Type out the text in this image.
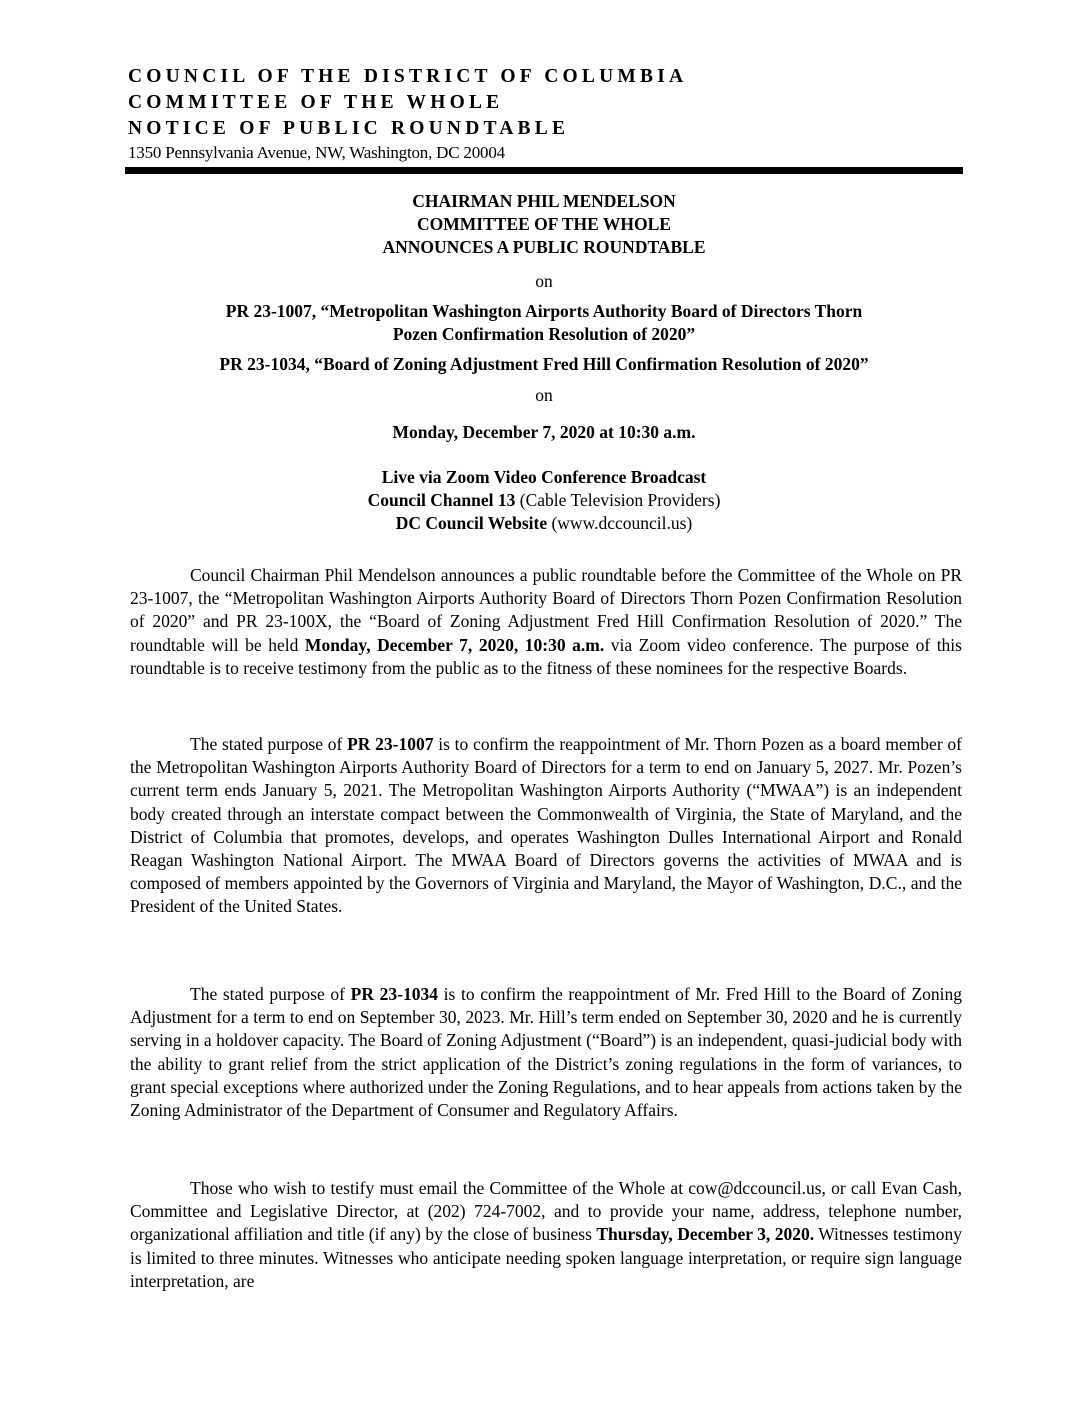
COUNCIL OF THE DISTRICT OF COLUMBIA
COMMITTEE OF THE WHOLE
NOTICE OF PUBLIC ROUNDTABLE
1350 Pennsylvania Avenue, NW, Washington, DC 20004
CHAIRMAN PHIL MENDELSON
COMMITTEE OF THE WHOLE
ANNOUNCES A PUBLIC ROUNDTABLE
on
PR 23-1007, “Metropolitan Washington Airports Authority Board of Directors Thorn
Pozen Confirmation Resolution of 2020”
PR 23-1034, “Board of Zoning Adjustment Fred Hill Confirmation Resolution of 2020”
on
Monday, December 7, 2020 at 10:30 a.m.
Live via Zoom Video Conference Broadcast
Council Channel 13 (Cable Television Providers)
DC Council Website (www.dccouncil.us)

Council Chairman Phil Mendelson announces a public roundtable before the Committee of the Whole on PR 23-1007, the “Metropolitan Washington Airports Authority Board of Directors Thorn Pozen Confirmation Resolution of 2020” and PR 23-100X, the “Board of Zoning Adjustment Fred Hill Confirmation Resolution of 2020.” The roundtable will be held Monday, December 7, 2020, 10:30 a.m. via Zoom video conference. The purpose of this roundtable is to receive testimony from the public as to the fitness of these nominees for the respective Boards.

The stated purpose of PR 23-1007 is to confirm the reappointment of Mr. Thorn Pozen as a board member of the Metropolitan Washington Airports Authority Board of Directors for a term to end on January 5, 2027. Mr. Pozen’s current term ends January 5, 2021. The Metropolitan Washington Airports Authority (“MWAA”) is an independent body created through an interstate compact between the Commonwealth of Virginia, the State of Maryland, and the District of Columbia that promotes, develops, and operates Washington Dulles International Airport and Ronald Reagan Washington National Airport. The MWAA Board of Directors governs the activities of MWAA and is composed of members appointed by the Governors of Virginia and Maryland, the Mayor of Washington, D.C., and the President of the United States.

The stated purpose of PR 23-1034 is to confirm the reappointment of Mr. Fred Hill to the Board of Zoning Adjustment for a term to end on September 30, 2023. Mr. Hill’s term ended on September 30, 2020 and he is currently serving in a holdover capacity. The Board of Zoning Adjustment (“Board”) is an independent, quasi-judicial body with the ability to grant relief from the strict application of the District’s zoning regulations in the form of variances, to grant special exceptions where authorized under the Zoning Regulations, and to hear appeals from actions taken by the Zoning Administrator of the Department of Consumer and Regulatory Affairs.

Those who wish to testify must email the Committee of the Whole at cow@dccouncil.us, or call Evan Cash, Committee and Legislative Director, at (202) 724-7002, and to provide your name, address, telephone number, organizational affiliation and title (if any) by the close of business Thursday, December 3, 2020. Witnesses testimony is limited to three minutes. Witnesses who anticipate needing spoken language interpretation, or require sign language interpretation, are
